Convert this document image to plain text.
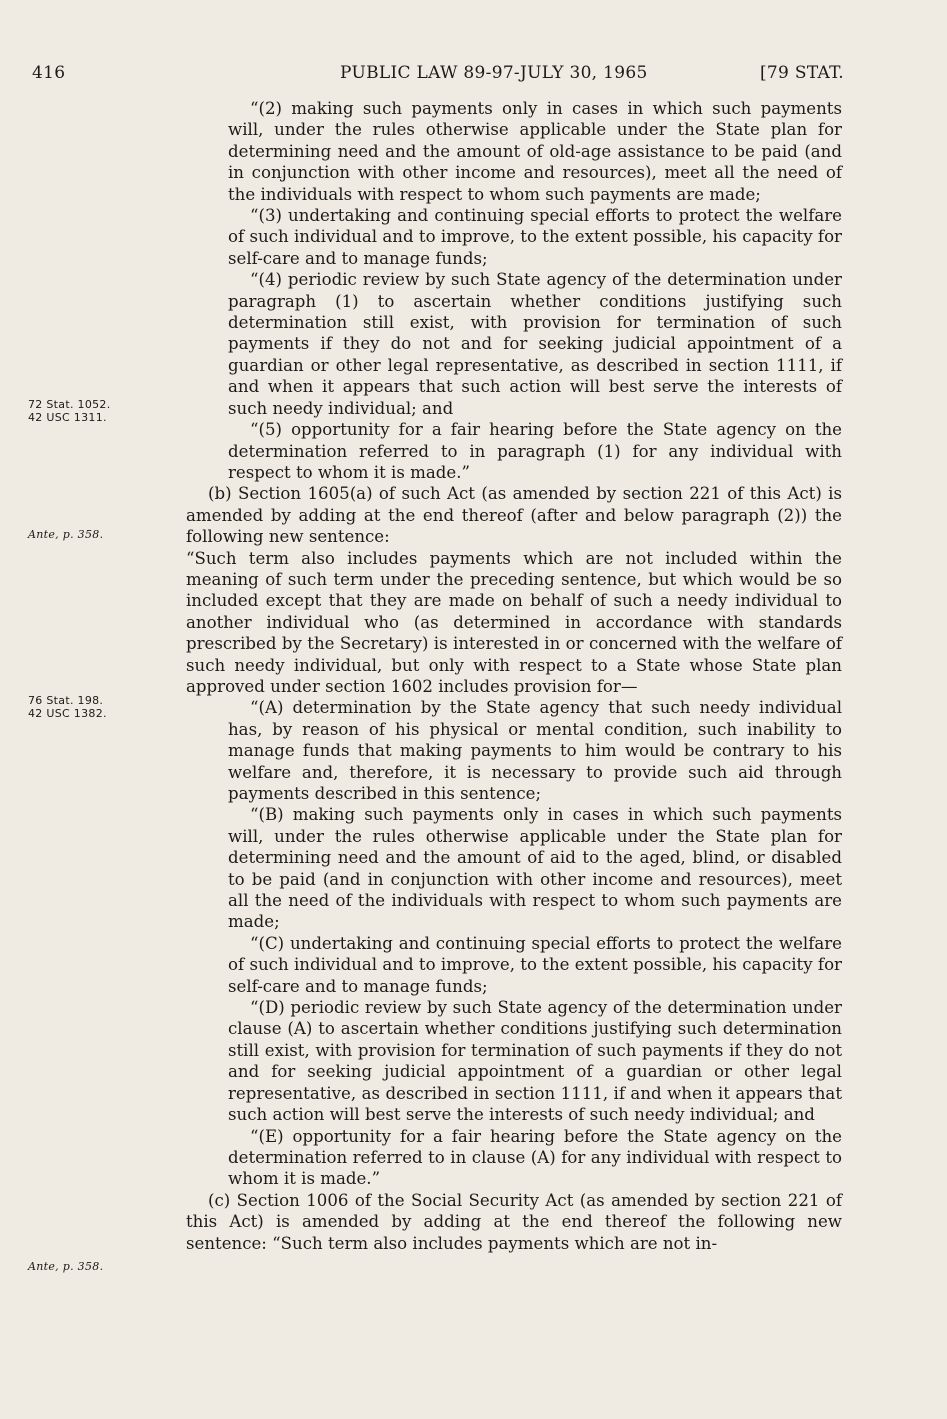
416	PUBLIC LAW 89-97-JULY 30, 1965	[79 STAT.
72 Stat. 1052.
42 USC 1311.
Ante, p. 358.
76 Stat. 198.
42 USC 1382.
Ante, p. 358.

“(2) making such payments only in cases in which such payments will, under the rules otherwise applicable under the State plan for determining need and the amount of old-age assistance to be paid (and in conjunction with other income and resources), meet all the need of the individuals with respect to whom such payments are made;

“(3) undertaking and continuing special efforts to protect the welfare of such individual and to improve, to the extent possible, his capacity for self-care and to manage funds;

“(4) periodic review by such State agency of the determination under paragraph (1) to ascertain whether conditions justifying such determination still exist, with provision for termination of such payments if they do not and for seeking judicial appointment of a guardian or other legal representative, as described in section 1111, if and when it appears that such action will best serve the interests of such needy individual; and

“(5) opportunity for a fair hearing before the State agency on the determination referred to in paragraph (1) for any individual with respect to whom it is made.”

(b) Section 1605(a) of such Act (as amended by section 221 of this Act) is amended by adding at the end thereof (after and below paragraph (2)) the following new sentence:

“Such term also includes payments which are not included within the meaning of such term under the preceding sentence, but which would be so included except that they are made on behalf of such a needy individual to another individual who (as determined in accordance with standards prescribed by the Secretary) is interested in or concerned with the welfare of such needy individual, but only with respect to a State whose State plan approved under section 1602 includes provision for—

“(A) determination by the State agency that such needy individual has, by reason of his physical or mental condition, such inability to manage funds that making payments to him would be contrary to his welfare and, therefore, it is necessary to provide such aid through payments described in this sentence;

“(B) making such payments only in cases in which such payments will, under the rules otherwise applicable under the State plan for determining need and the amount of aid to the aged, blind, or disabled to be paid (and in conjunction with other income and resources), meet all the need of the individuals with respect to whom such payments are made;

“(C) undertaking and continuing special efforts to protect the welfare of such individual and to improve, to the extent possible, his capacity for self-care and to manage funds;

“(D) periodic review by such State agency of the determination under clause (A) to ascertain whether conditions justifying such determination still exist, with provision for termination of such payments if they do not and for seeking judicial appointment of a guardian or other legal representative, as described in section 1111, if and when it appears that such action will best serve the interests of such needy individual; and

“(E) opportunity for a fair hearing before the State agency on the determination referred to in clause (A) for any individual with respect to whom it is made.”

(c) Section 1006 of the Social Security Act (as amended by section 221 of this Act) is amended by adding at the end thereof the following new sentence: “Such term also includes payments which are not in-
